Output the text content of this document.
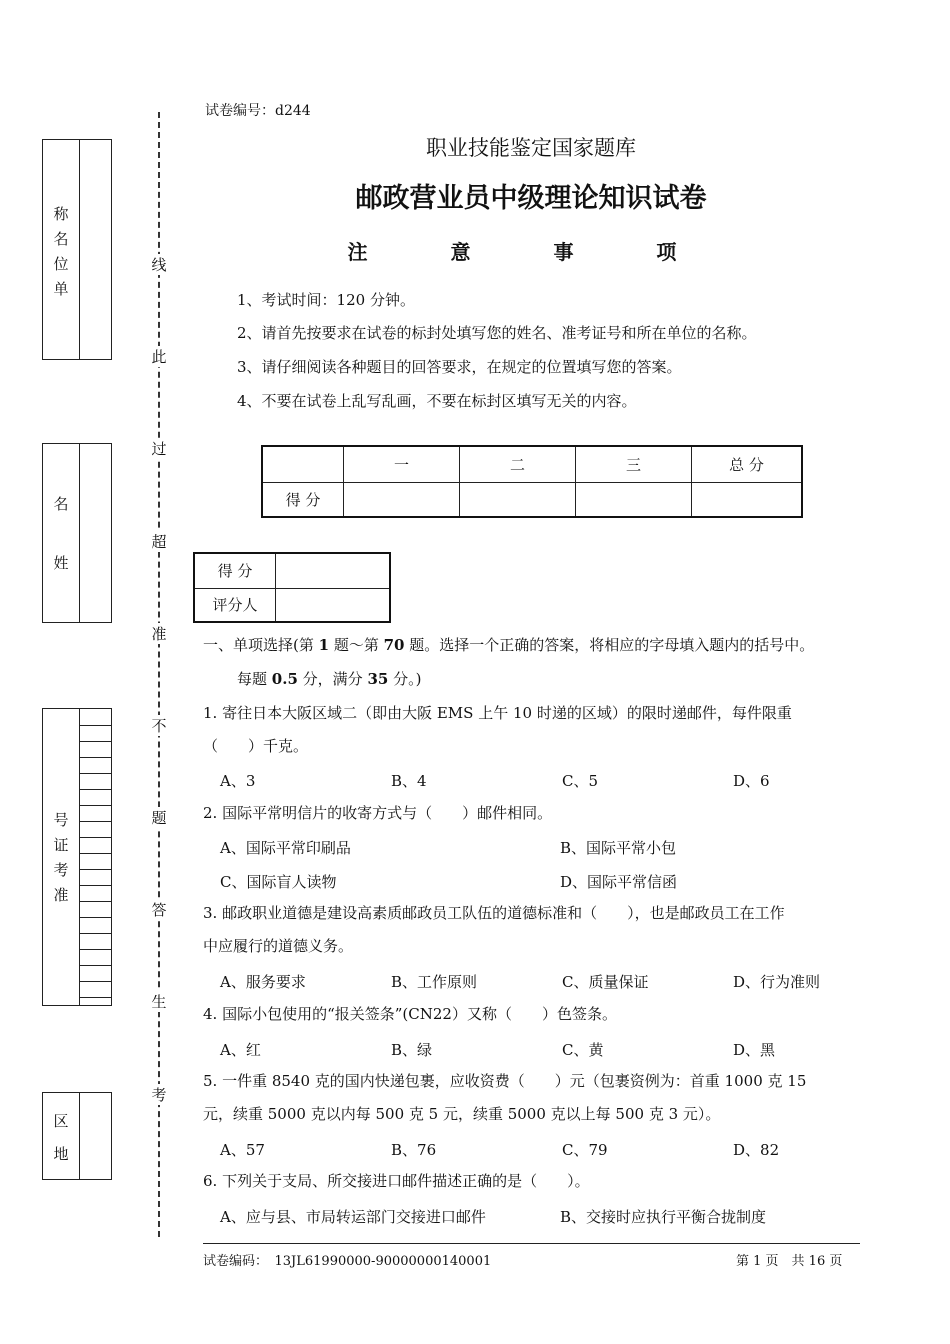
试卷编号：d244
职业技能鉴定国家题库
邮政营业员中级理论知识试卷
注 意 事 项
1、考试时间：120 分钟。
2、请首先按要求在试卷的标封处填写您的姓名、准考证号和所在单位的名称。
3、请仔细阅读各种题目的回答要求，在规定的位置填写您的答案。
4、不要在试卷上乱写乱画，不要在标封区填写无关的内容。
	一	二	三	总 分
得 分				
得 分	
评分人	
称
名
位
单
名
姓
号
证
考
准
区
地
线
此
过
超
准
不
题
答
生
考
一、单项选择(第 1 题～第 70 题。选择一个正确的答案，将相应的字母填入题内的括号中。
每题 0.5 分，满分 35 分。)
1. 寄往日本大阪区域二（即由大阪 EMS 上午 10 时递的区域）的限时递邮件，每件限重
（　　）千克。
A、3	B、4	C、5	D、6
2. 国际平常明信片的收寄方式与（　　）邮件相同。
A、国际平常印刷品	B、国际平常小包
C、国际盲人读物	D、国际平常信函
3. 邮政职业道德是建设高素质邮政员工队伍的道德标准和（　　），也是邮政员工在工作
中应履行的道德义务。
A、服务要求	B、工作原则	C、质量保证	D、行为准则
4. 国际小包使用的“报关签条”(CN22）又称（　　）色签条。
A、红	B、绿	C、黄	D、黑
5. 一件重 8540 克的国内快递包裹，应收资费（　　）元（包裹资例为：首重 1000 克 15
元，续重 5000 克以内每 500 克 5 元，续重 5000 克以上每 500 克 3 元）。
A、57	B、76	C、79	D、82
6. 下列关于支局、所交接进口邮件描述正确的是（　　）。
A、应与县、市局转运部门交接进口邮件	B、交接时应执行平衡合拢制度
试卷编码：　13JL61990000-90000000140001	第 1 页　共 16 页
